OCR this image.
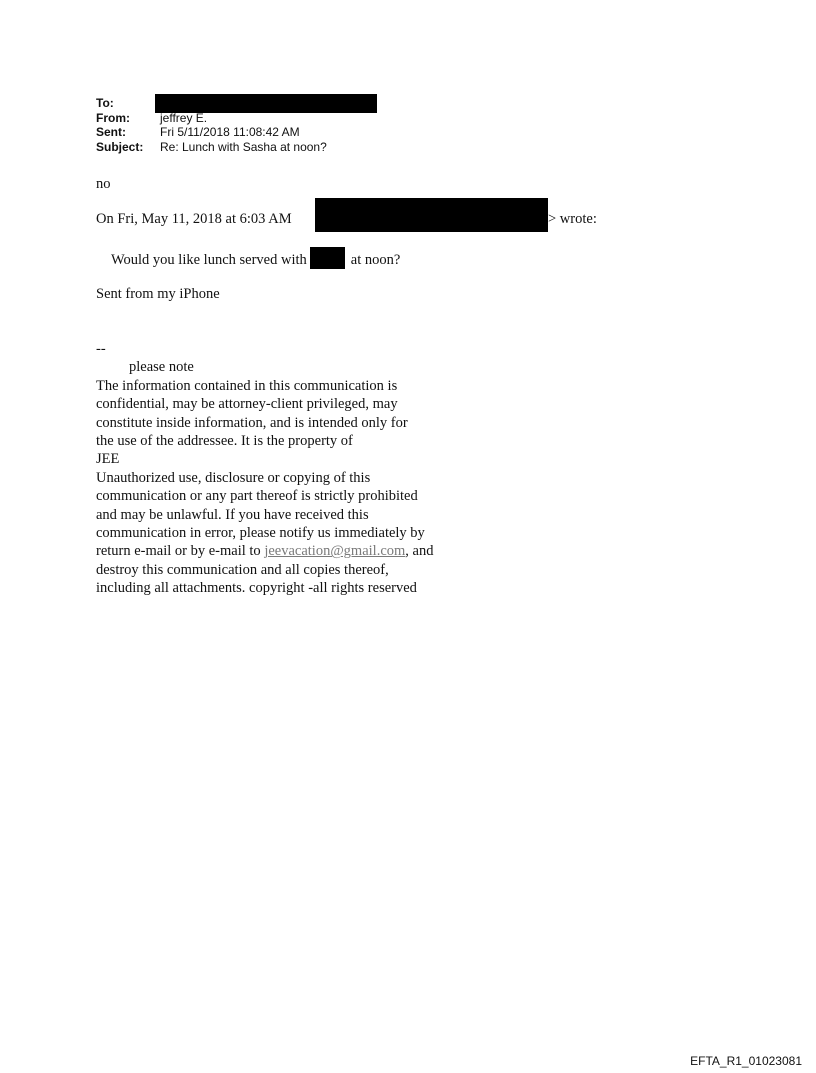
To:
From:	jeffrey E.
Sent:	Fri 5/11/2018 11:08:42 AM
Subject: Re: Lunch with Sasha at noon?
no
On Fri, May 11, 2018 at 6:03 AM	> wrote:
Would you like lunch served with	at noon?
Sent from my iPhone
--
please note
The information contained in this communication is
confidential, may be attorney-client privileged, may
constitute inside information, and is intended only for
the use of the addressee. It is the property of
JEE
Unauthorized use, disclosure or copying of this
communication or any part thereof is strictly prohibited
and may be unlawful. If you have received this
communication in error, please notify us immediately by
return e-mail or by e-mail to jeevacation@gmail.com, and
destroy this communication and all copies thereof,
including all attachments. copyright -all rights reserved
EFTA_R1_01023081
